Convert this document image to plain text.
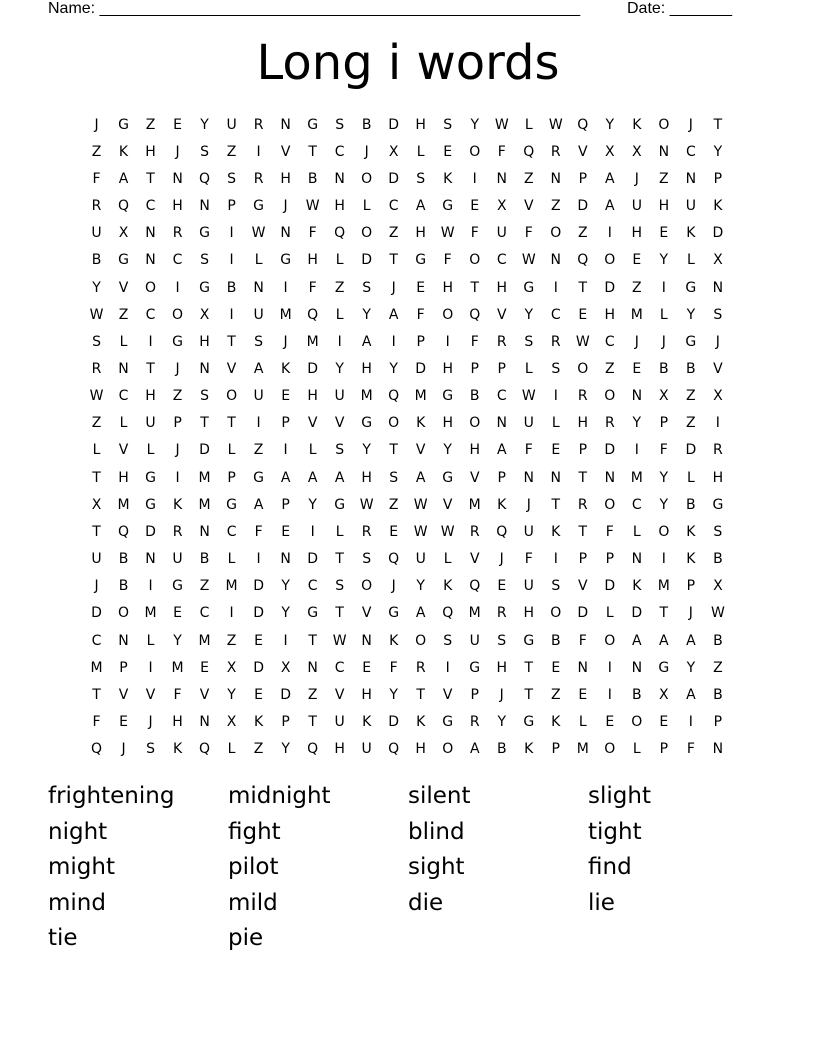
Name: ______________________________________________________	Date: _______
Long i words
J	G	Z	E	Y	U	R	N	G	S	B	D	H	S	Y	W	L	W	Q	Y	K	O	J	T
Z	K	H	J	S	Z	I	V	T	C	J	X	L	E	O	F	Q	R	V	X	X	N	C	Y
F	A	T	N	Q	S	R	H	B	N	O	D	S	K	I	N	Z	N	P	A	J	Z	N	P
R	Q	C	H	N	P	G	J	W	H	L	C	A	G	E	X	V	Z	D	A	U	H	U	K
U	X	N	R	G	I	W	N	F	Q	O	Z	H	W	F	U	F	O	Z	I	H	E	K	D
B	G	N	C	S	I	L	G	H	L	D	T	G	F	O	C	W	N	Q	O	E	Y	L	X
Y	V	O	I	G	B	N	I	F	Z	S	J	E	H	T	H	G	I	T	D	Z	I	G	N
W	Z	C	O	X	I	U	M	Q	L	Y	A	F	O	Q	V	Y	C	E	H	M	L	Y	S
S	L	I	G	H	T	S	J	M	I	A	I	P	I	F	R	S	R	W	C	J	J	G	J
R	N	T	J	N	V	A	K	D	Y	H	Y	D	H	P	P	L	S	O	Z	E	B	B	V
W	C	H	Z	S	O	U	E	H	U	M	Q	M	G	B	C	W	I	R	O	N	X	Z	X
Z	L	U	P	T	T	I	P	V	V	G	O	K	H	O	N	U	L	H	R	Y	P	Z	I
L	V	L	J	D	L	Z	I	L	S	Y	T	V	Y	H	A	F	E	P	D	I	F	D	R
T	H	G	I	M	P	G	A	A	A	H	S	A	G	V	P	N	N	T	N	M	Y	L	H
X	M	G	K	M	G	A	P	Y	G	W	Z	W	V	M	K	J	T	R	O	C	Y	B	G
T	Q	D	R	N	C	F	E	I	L	R	E	W W	R	Q	U	K	T	F	L	O	K	S
U	B	N	U	B	L	I	N	D	T	S	Q	U	L	V	J	F	I	P	P	N	I	K	B
J	B	I	G	Z	M	D	Y	C	S	O	J	Y	K	Q	E	U	S	V	D	K	M	P	X
D	O	M	E	C	I	D	Y	G	T	V	G	A	Q	M	R	H	O	D	L	D	T	J	W
C	N	L	Y	M	Z	E	I	T	W	N	K	O	S	U	S	G	B	F	O	A	A	A	B
M	P	I	M	E	X	D	X	N	C	E	F	R	I	G	H	T	E	N	I	N	G	Y	Z
T	V	V	F	V	Y	E	D	Z	V	H	Y	T	V	P	J	T	Z	E	I	B	X	A	B
F	E	J	H	N	X	K	P	T	U	K	D	K	G	R	Y	G	K	L	E	O	E	I	P
Q	J	S	K	Q	L	Z	Y	Q	H	U	Q	H	O	A	B	K	P	M	O	L	P	F	N
frightening	midnight	silent	slight
night	fight	blind	tight
might	pilot	sight	find
mind	mild	die	lie
tie	pie
